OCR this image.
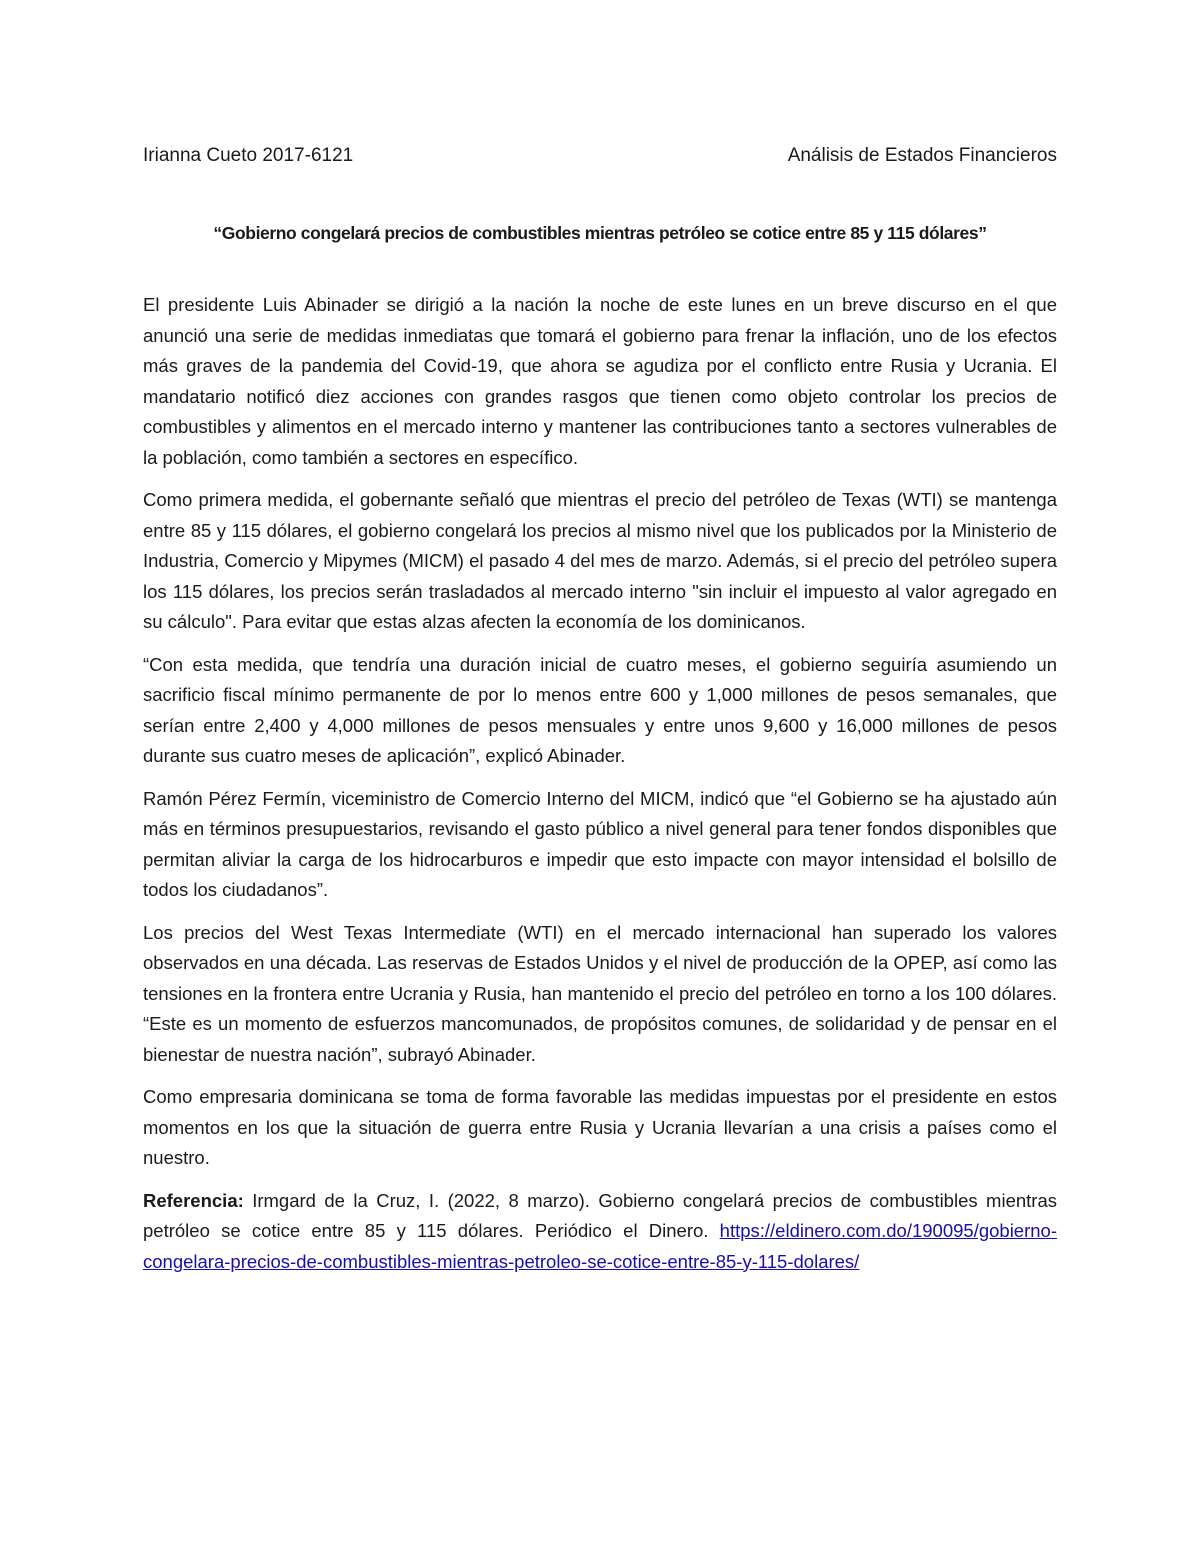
Irianna Cueto 2017-6121	Análisis de Estados Financieros
“Gobierno congelará precios de combustibles mientras petróleo se cotice entre 85 y 115 dólares”

El presidente Luis Abinader se dirigió a la nación la noche de este lunes en un breve discurso en el que anunció una serie de medidas inmediatas que tomará el gobierno para frenar la inflación, uno de los efectos más graves de la pandemia del Covid-19, que ahora se agudiza por el conflicto entre Rusia y Ucrania. El mandatario notificó diez acciones con grandes rasgos que tienen como objeto controlar los precios de combustibles y alimentos en el mercado interno y mantener las contribuciones tanto a sectores vulnerables de la población, como también a sectores en específico.

Como primera medida, el gobernante señaló que mientras el precio del petróleo de Texas (WTI) se mantenga entre 85 y 115 dólares, el gobierno congelará los precios al mismo nivel que los publicados por la Ministerio de Industria, Comercio y Mipymes (MICM) el pasado 4 del mes de marzo. Además, si el precio del petróleo supera los 115 dólares, los precios serán trasladados al mercado interno "sin incluir el impuesto al valor agregado en su cálculo". Para evitar que estas alzas afecten la economía de los dominicanos.

“Con esta medida, que tendría una duración inicial de cuatro meses, el gobierno seguiría asumiendo un sacrificio fiscal mínimo permanente de por lo menos entre 600 y 1,000 millones de pesos semanales, que serían entre 2,400 y 4,000 millones de pesos mensuales y entre unos 9,600 y 16,000 millones de pesos durante sus cuatro meses de aplicación”, explicó Abinader.

Ramón Pérez Fermín, viceministro de Comercio Interno del MICM, indicó que “el Gobierno se ha ajustado aún más en términos presupuestarios, revisando el gasto público a nivel general para tener fondos disponibles que permitan aliviar la carga de los hidrocarburos e impedir que esto impacte con mayor intensidad el bolsillo de todos los ciudadanos”.

Los precios del West Texas Intermediate (WTI) en el mercado internacional han superado los valores observados en una década. Las reservas de Estados Unidos y el nivel de producción de la OPEP, así como las tensiones en la frontera entre Ucrania y Rusia, han mantenido el precio del petróleo en torno a los 100 dólares. “Este es un momento de esfuerzos mancomunados, de propósitos comunes, de solidaridad y de pensar en el bienestar de nuestra nación”, subrayó Abinader.

Como empresaria dominicana se toma de forma favorable las medidas impuestas por el presidente en estos momentos en los que la situación de guerra entre Rusia y Ucrania llevarían a una crisis a países como el nuestro.

Referencia: Irmgard de la Cruz, I. (2022, 8 marzo). Gobierno congelará precios de combustibles mientras petróleo se cotice entre 85 y 115 dólares. Periódico el Dinero. https://eldinero.com.do/190095/gobierno-congelara-precios-de-combustibles-mientras-petroleo-se-cotice-entre-85-y-115-dolares/
